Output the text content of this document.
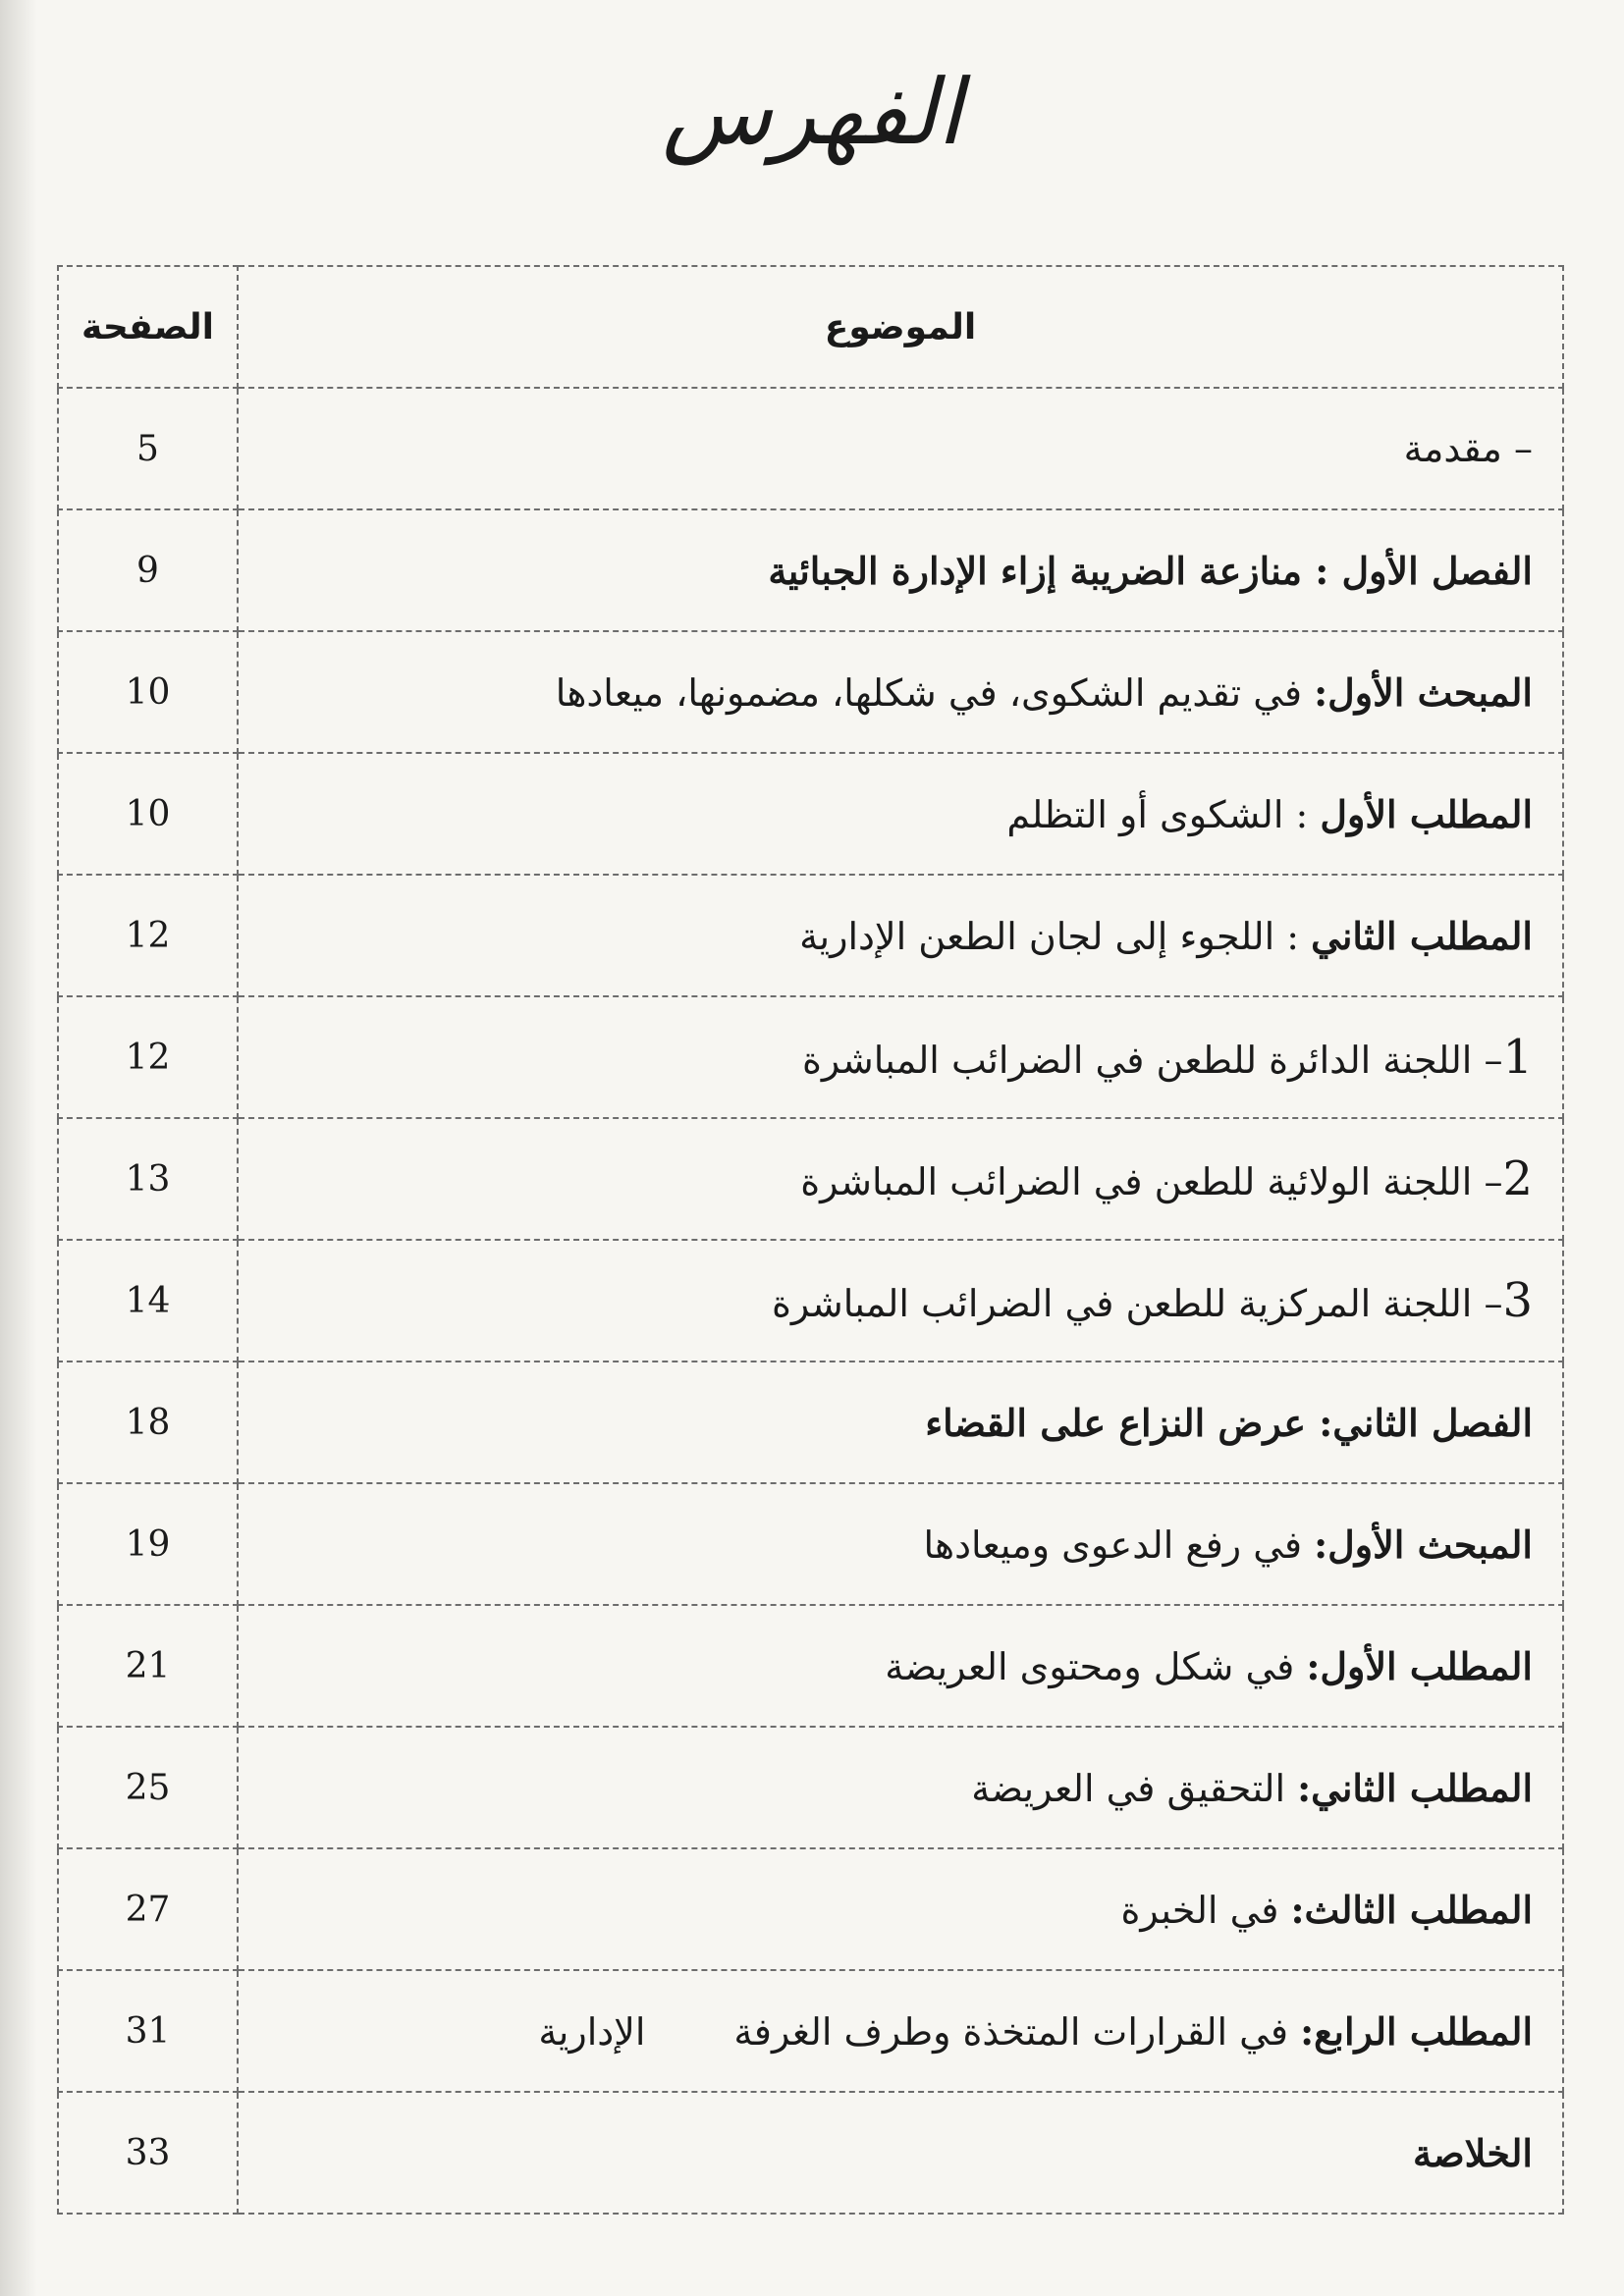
الفهرس
الصفحة	الموضوع
5	– مقدمة
9	الفصل الأول : منازعة الضريبة إزاء الإدارة الجبائية
10	المبحث الأول: في تقديم الشكوى، في شكلها، مضمونها، ميعادها
10	المطلب الأول : الشكوى أو التظلم
12	المطلب الثاني : اللجوء إلى لجان الطعن الإدارية
12	1– اللجنة الدائرة للطعن في الضرائب المباشرة
13	2– اللجنة الولائية للطعن في الضرائب المباشرة
14	3– اللجنة المركزية للطعن في الضرائب المباشرة
18	الفصل الثاني: عرض النزاع على القضاء
19	المبحث الأول: في رفع الدعوى وميعادها
21	المطلب الأول: في شكل ومحتوى العريضة
25	المطلب الثاني: التحقيق في العريضة
27	المطلب الثالث: في الخبرة
31	المطلب الرابع: في القرارات المتخذة وطرف الغرفةالإدارية
33	الخلاصة
